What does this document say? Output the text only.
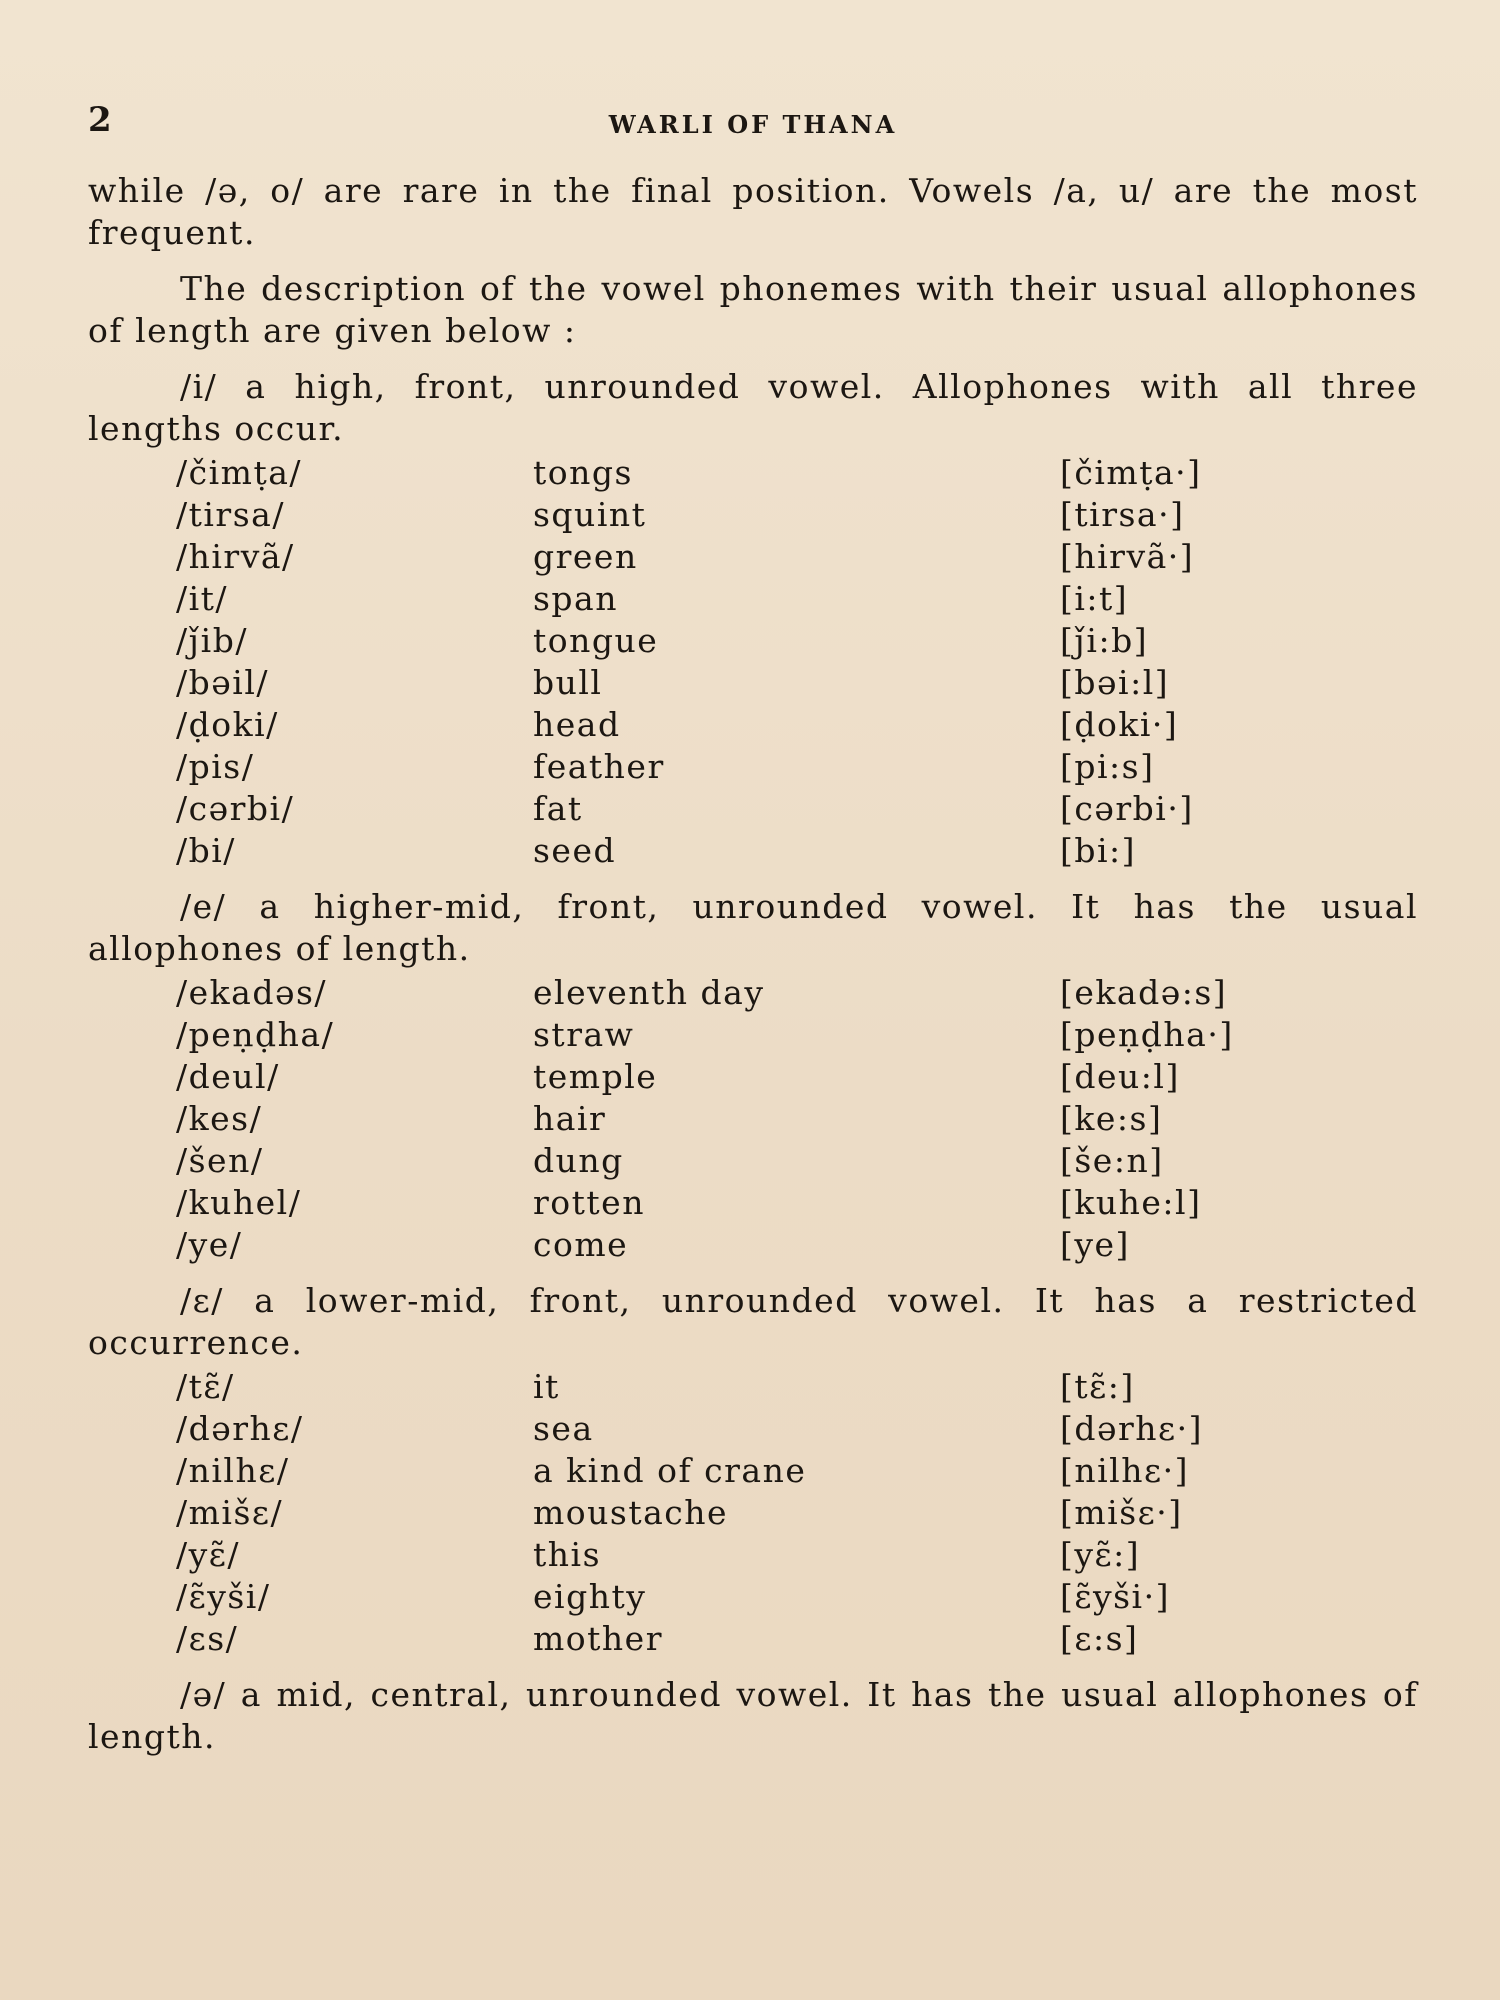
2	WARLI OF THANA

while /ə, o/ are rare in the final position. Vowels /a, u/ are the most frequent.

The description of the vowel phonemes with their usual allophones of length are given below :

/i/ a high, front, unrounded vowel. Allophones with all three lengths occur.

/čimṭa/	tongs	[čimṭa·]
/tirsa/	squint	[tirsa·]
/hirvã/	green	[hirvã·]
/it/	span	[i:t]
/ǰib/	tongue	[ǰi:b]
/bəil/	bull	[bəi:l]
/ḍoki/	head	[ḍoki·]
/pis/	feather	[pi:s]
/cərbi/	fat	[cərbi·]
/bi/	seed	[bi:]

/e/ a higher-mid, front, unrounded vowel. It has the usual allophones of length.

/ekadəs/	eleventh day	[ekadə:s]
/peṇḍha/	straw	[peṇḍha·]
/deul/	temple	[deu:l]
/kes/	hair	[ke:s]
/šen/	dung	[še:n]
/kuhel/	rotten	[kuhe:l]
/ye/	come	[ye]

/ɛ/ a lower-mid, front, unrounded vowel. It has a restricted occurrence.

/tɛ̃/	it	[tɛ̃:]
/dərhɛ/	sea	[dərhɛ·]
/nilhɛ/	a kind of crane	[nilhɛ·]
/mišɛ/	moustache	[mišɛ·]
/yɛ̃/	this	[yɛ̃:]
/ɛ̃yši/	eighty	[ɛ̃yši·]
/ɛs/	mother	[ɛ:s]

/ə/ a mid, central, unrounded vowel. It has the usual allophones of length.
